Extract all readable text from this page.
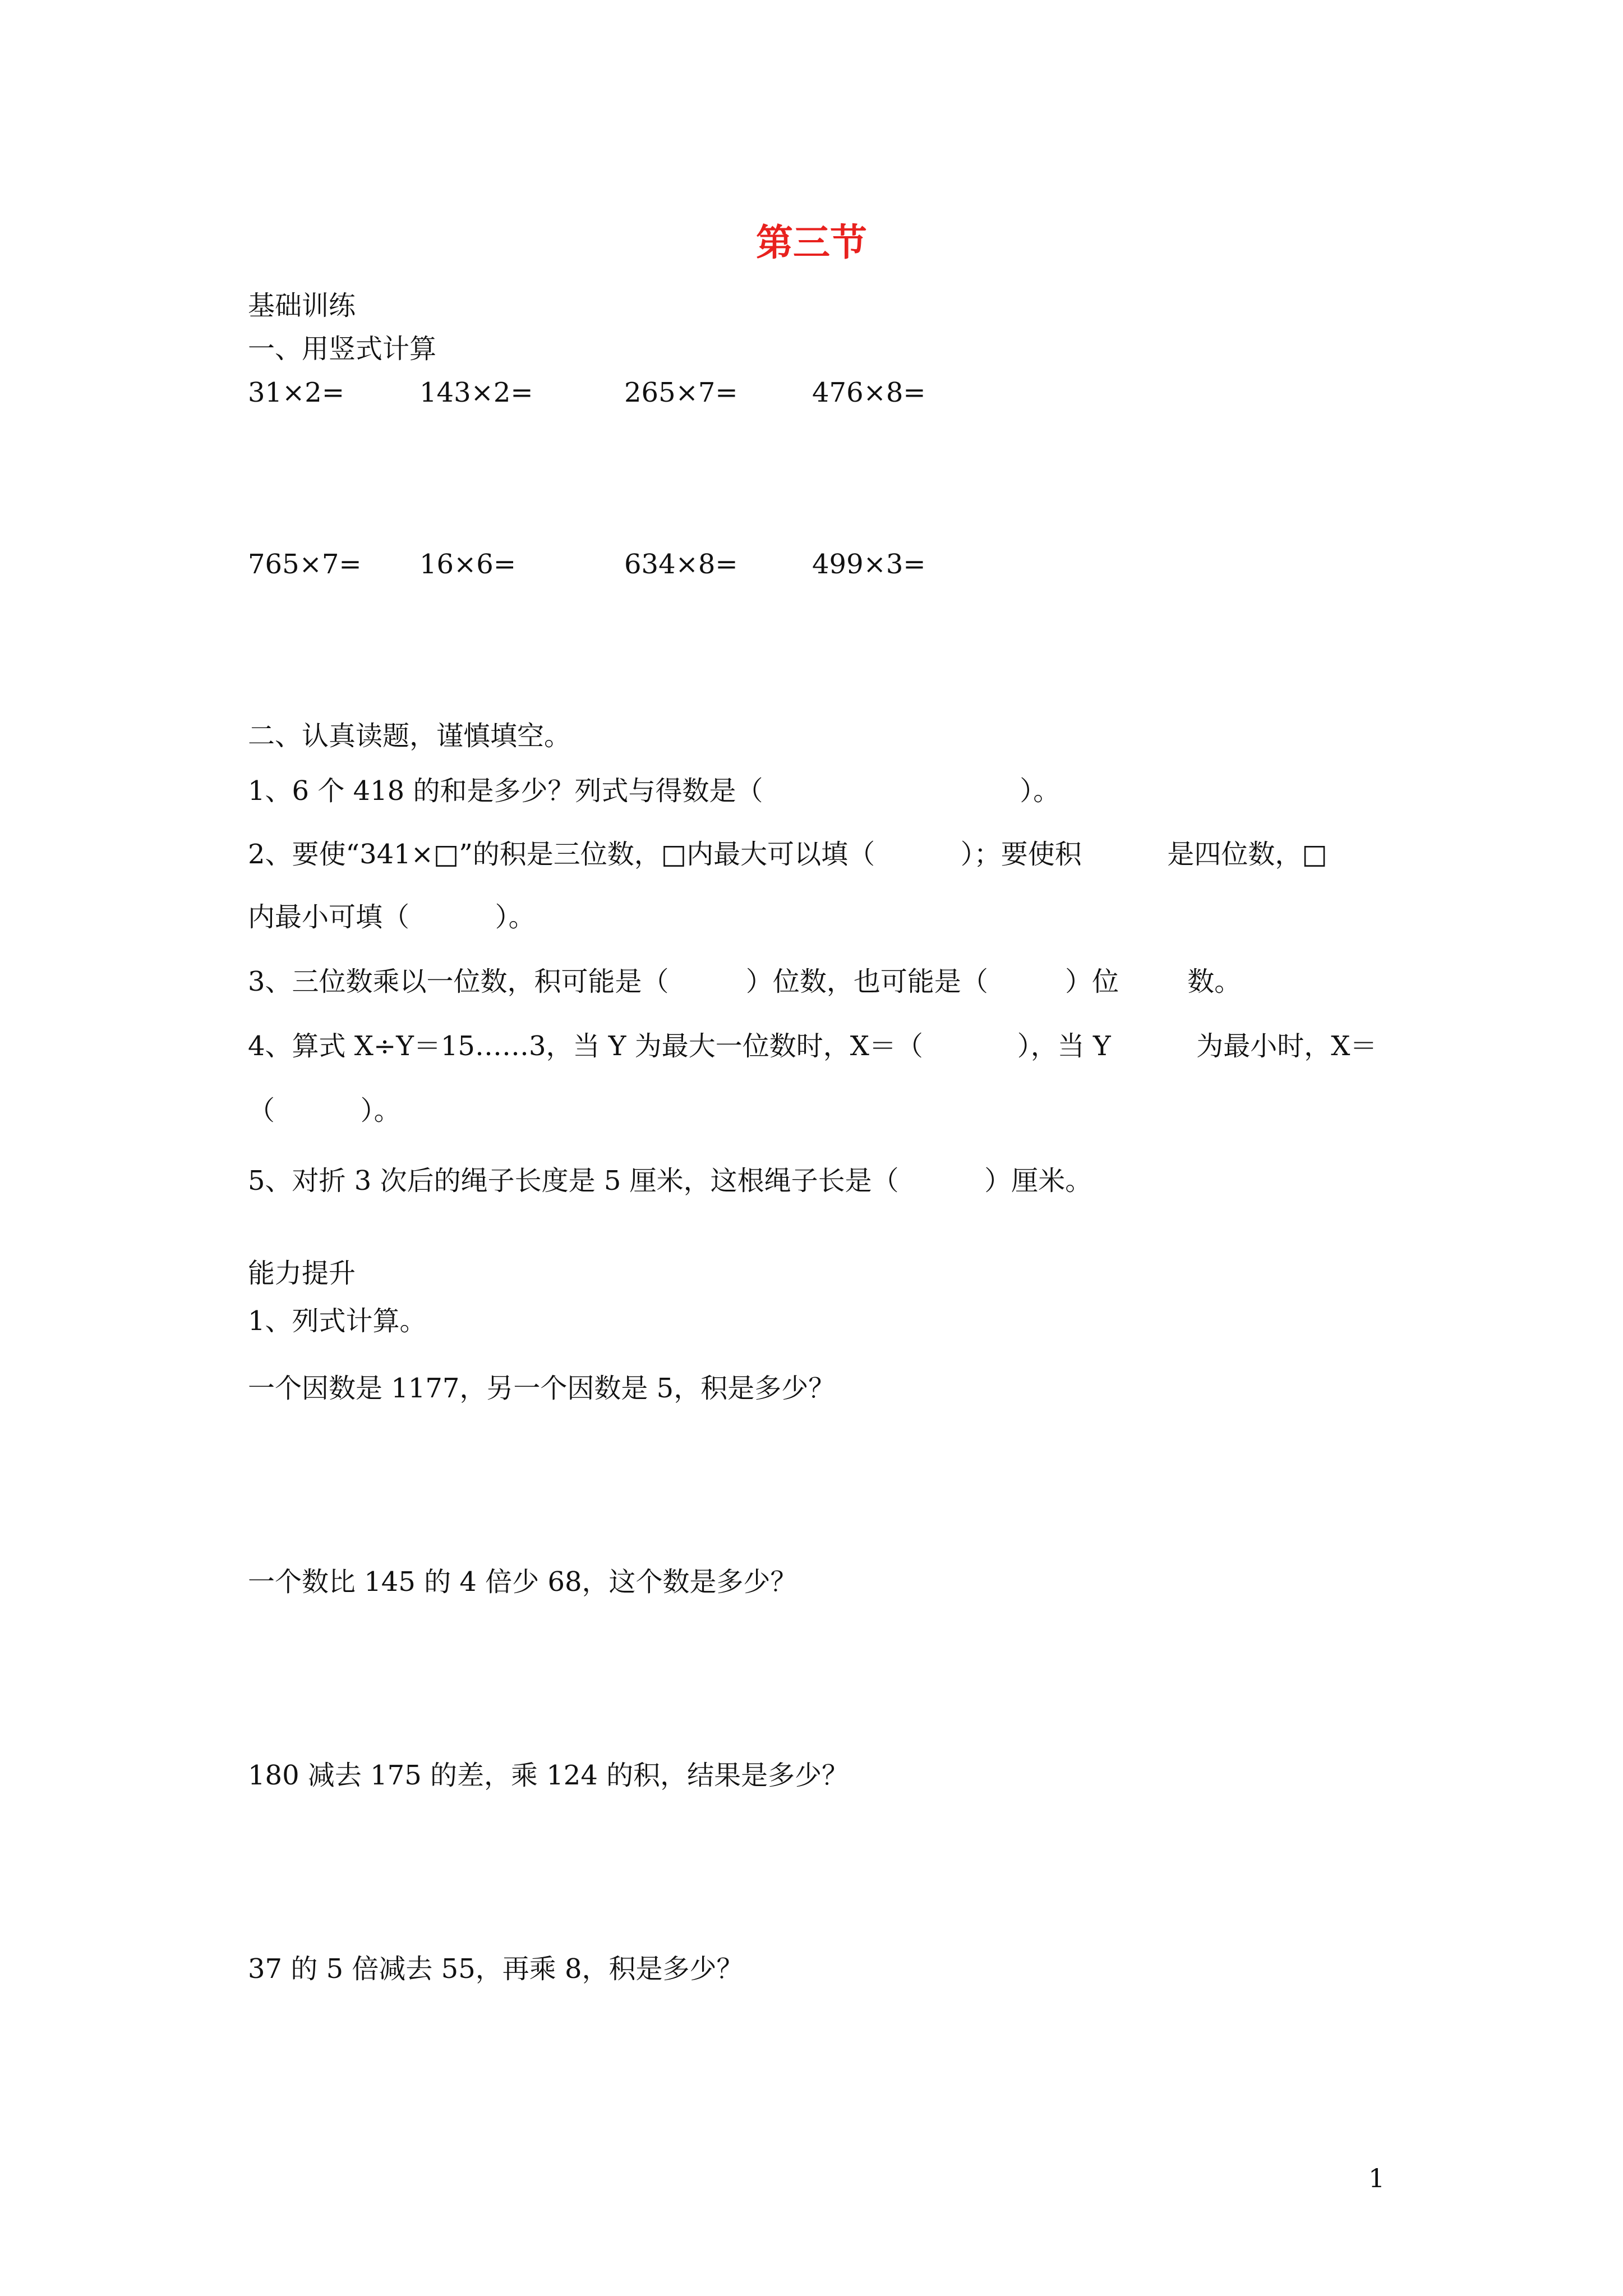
第三节
基础训练
一、用竖式计算
31×2=	143×2=	265×7=	476×8=
765×7= 16×6=	634×8=	499×3=
二、认真读题，谨慎填空。
1、6 个 418 的和是多少？列式与得数是（                              ）。
2、要使“341×□”的积是三位数，□内最大可以填（          ）；要使积          是四位数，□
内最小可填（          ）。
3、三位数乘以一位数，积可能是（         ）位数，也可能是（         ）位        数。
4、算式 X÷Y＝15……3，当 Y 为最大一位数时，X＝（           ），当 Y          为最小时，X＝
（          ）。
5、对折 3 次后的绳子长度是 5 厘米，这根绳子长是（          ）厘米。
能力提升
1、列式计算。
一个因数是 1177，另一个因数是 5，积是多少？
一个数比 145 的 4 倍少 68，这个数是多少？
180 减去 175 的差，乘 124 的积，结果是多少？
37 的 5 倍减去 55，再乘 8，积是多少？
1
